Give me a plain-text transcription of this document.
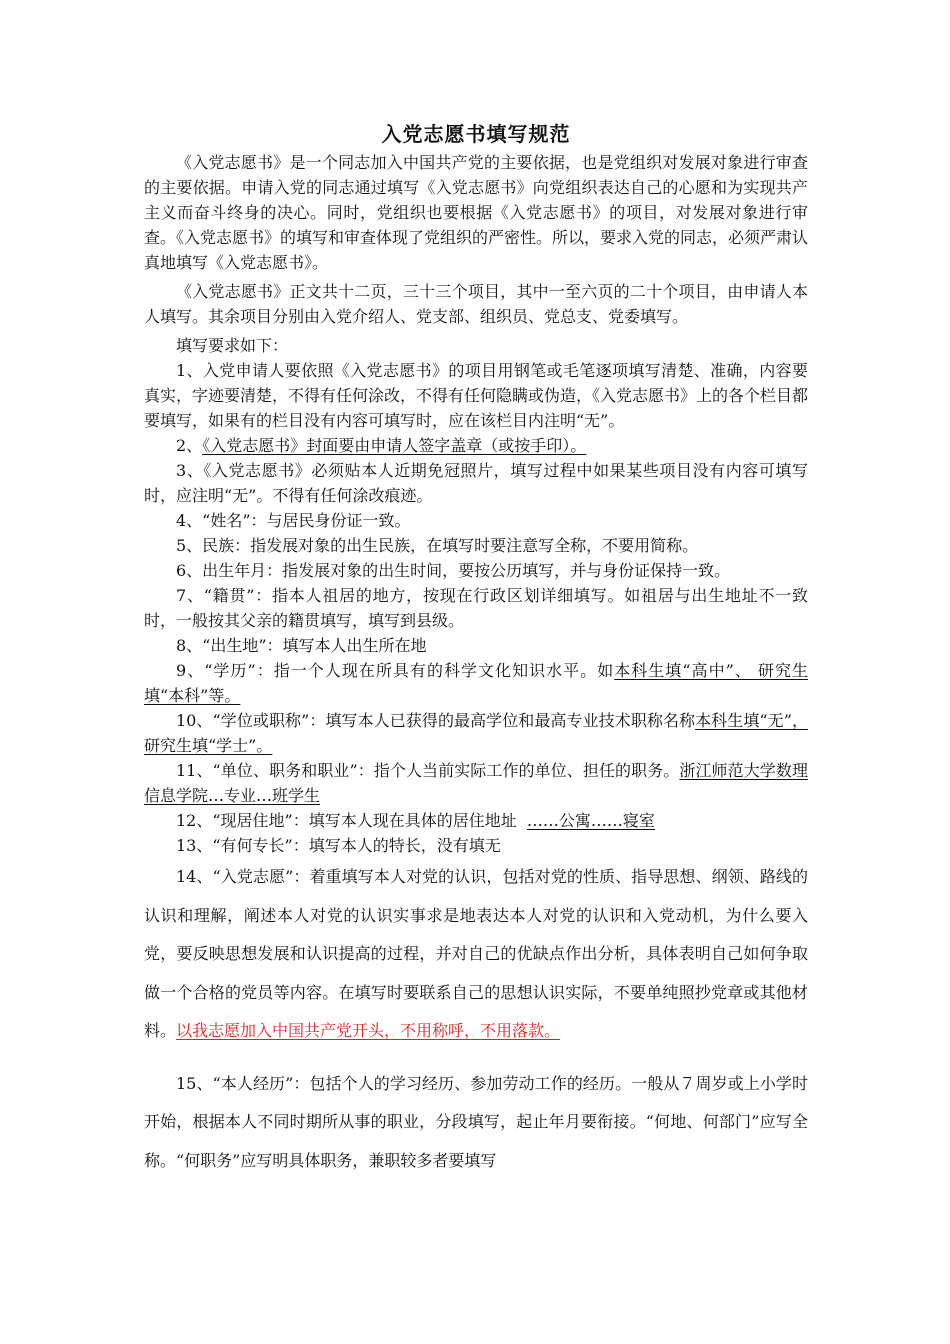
入党志愿书填写规范

《入党志愿书》是一个同志加入中国共产党的主要依据，也是党组织对发展对象进行审查的主要依据。申请入党的同志通过填写《入党志愿书》向党组织表达自己的心愿和为实现共产主义而奋斗终身的决心。同时，党组织也要根据《入党志愿书》的项目，对发展对象进行审查。《入党志愿书》的填写和审查体现了党组织的严密性。所以，要求入党的同志，必须严肃认真地填写《入党志愿书》。

《入党志愿书》正文共十二页，三十三个项目，其中一至六页的二十个项目，由申请人本人填写。其余项目分别由入党介绍人、党支部、组织员、党总支、党委填写。

填写要求如下：

1、入党申请人要依照《入党志愿书》的项目用钢笔或毛笔逐项填写清楚、准确，内容要真实，字迹要清楚，不得有任何涂改，不得有任何隐瞒或伪造，《入党志愿书》上的各个栏目都要填写，如果有的栏目没有内容可填写时，应在该栏目内注明“无”。

2、《入党志愿书》封面要由申请人签字盖章（或按手印）。

3、《入党志愿书》必须贴本人近期免冠照片，填写过程中如果某些项目没有内容可填写时，应注明“无”。不得有任何涂改痕迹。

4、“姓名”：与居民身份证一致。

5、民族：指发展对象的出生民族，在填写时要注意写全称，不要用简称。

6、出生年月：指发展对象的出生时间，要按公历填写，并与身份证保持一致。

7、“籍贯”：指本人祖居的地方，按现在行政区划详细填写。如祖居与出生地址不一致时，一般按其父亲的籍贯填写，填写到县级。

8、“出生地”：填写本人出生所在地

9、“学历”：指一个人现在所具有的科学文化知识水平。如本科生填“高中”、 研究生填“本科”等。

10、“学位或职称”：填写本人已获得的最高学位和最高专业技术职称名称本科生填“无”，研究生填“学士”。

11、“单位、职务和职业”：指个人当前实际工作的单位、担任的职务。浙江师范大学数理信息学院…专业…班学生

12、“现居住地”：填写本人现在具体的居住地址  ……公寓……寝室

13、“有何专长”：填写本人的特长，没有填无

14、“入党志愿”：着重填写本人对党的认识，包括对党的性质、指导思想、纲领、路线的认识和理解，阐述本人对党的认识实事求是地表达本人对党的认识和入党动机，为什么要入党，要反映思想发展和认识提高的过程，并对自己的优缺点作出分析，具体表明自己如何争取做一个合格的党员等内容。在填写时要联系自己的思想认识实际，不要单纯照抄党章或其他材料。以我志愿加入中国共产党开头，不用称呼，不用落款。

15、“本人经历”：包括个人的学习经历、参加劳动工作的经历。一般从７周岁或上小学时开始，根据本人不同时期所从事的职业，分段填写，起止年月要衔接。“何地、何部门”应写全称。“何职务”应写明具体职务，兼职较多者要填写
